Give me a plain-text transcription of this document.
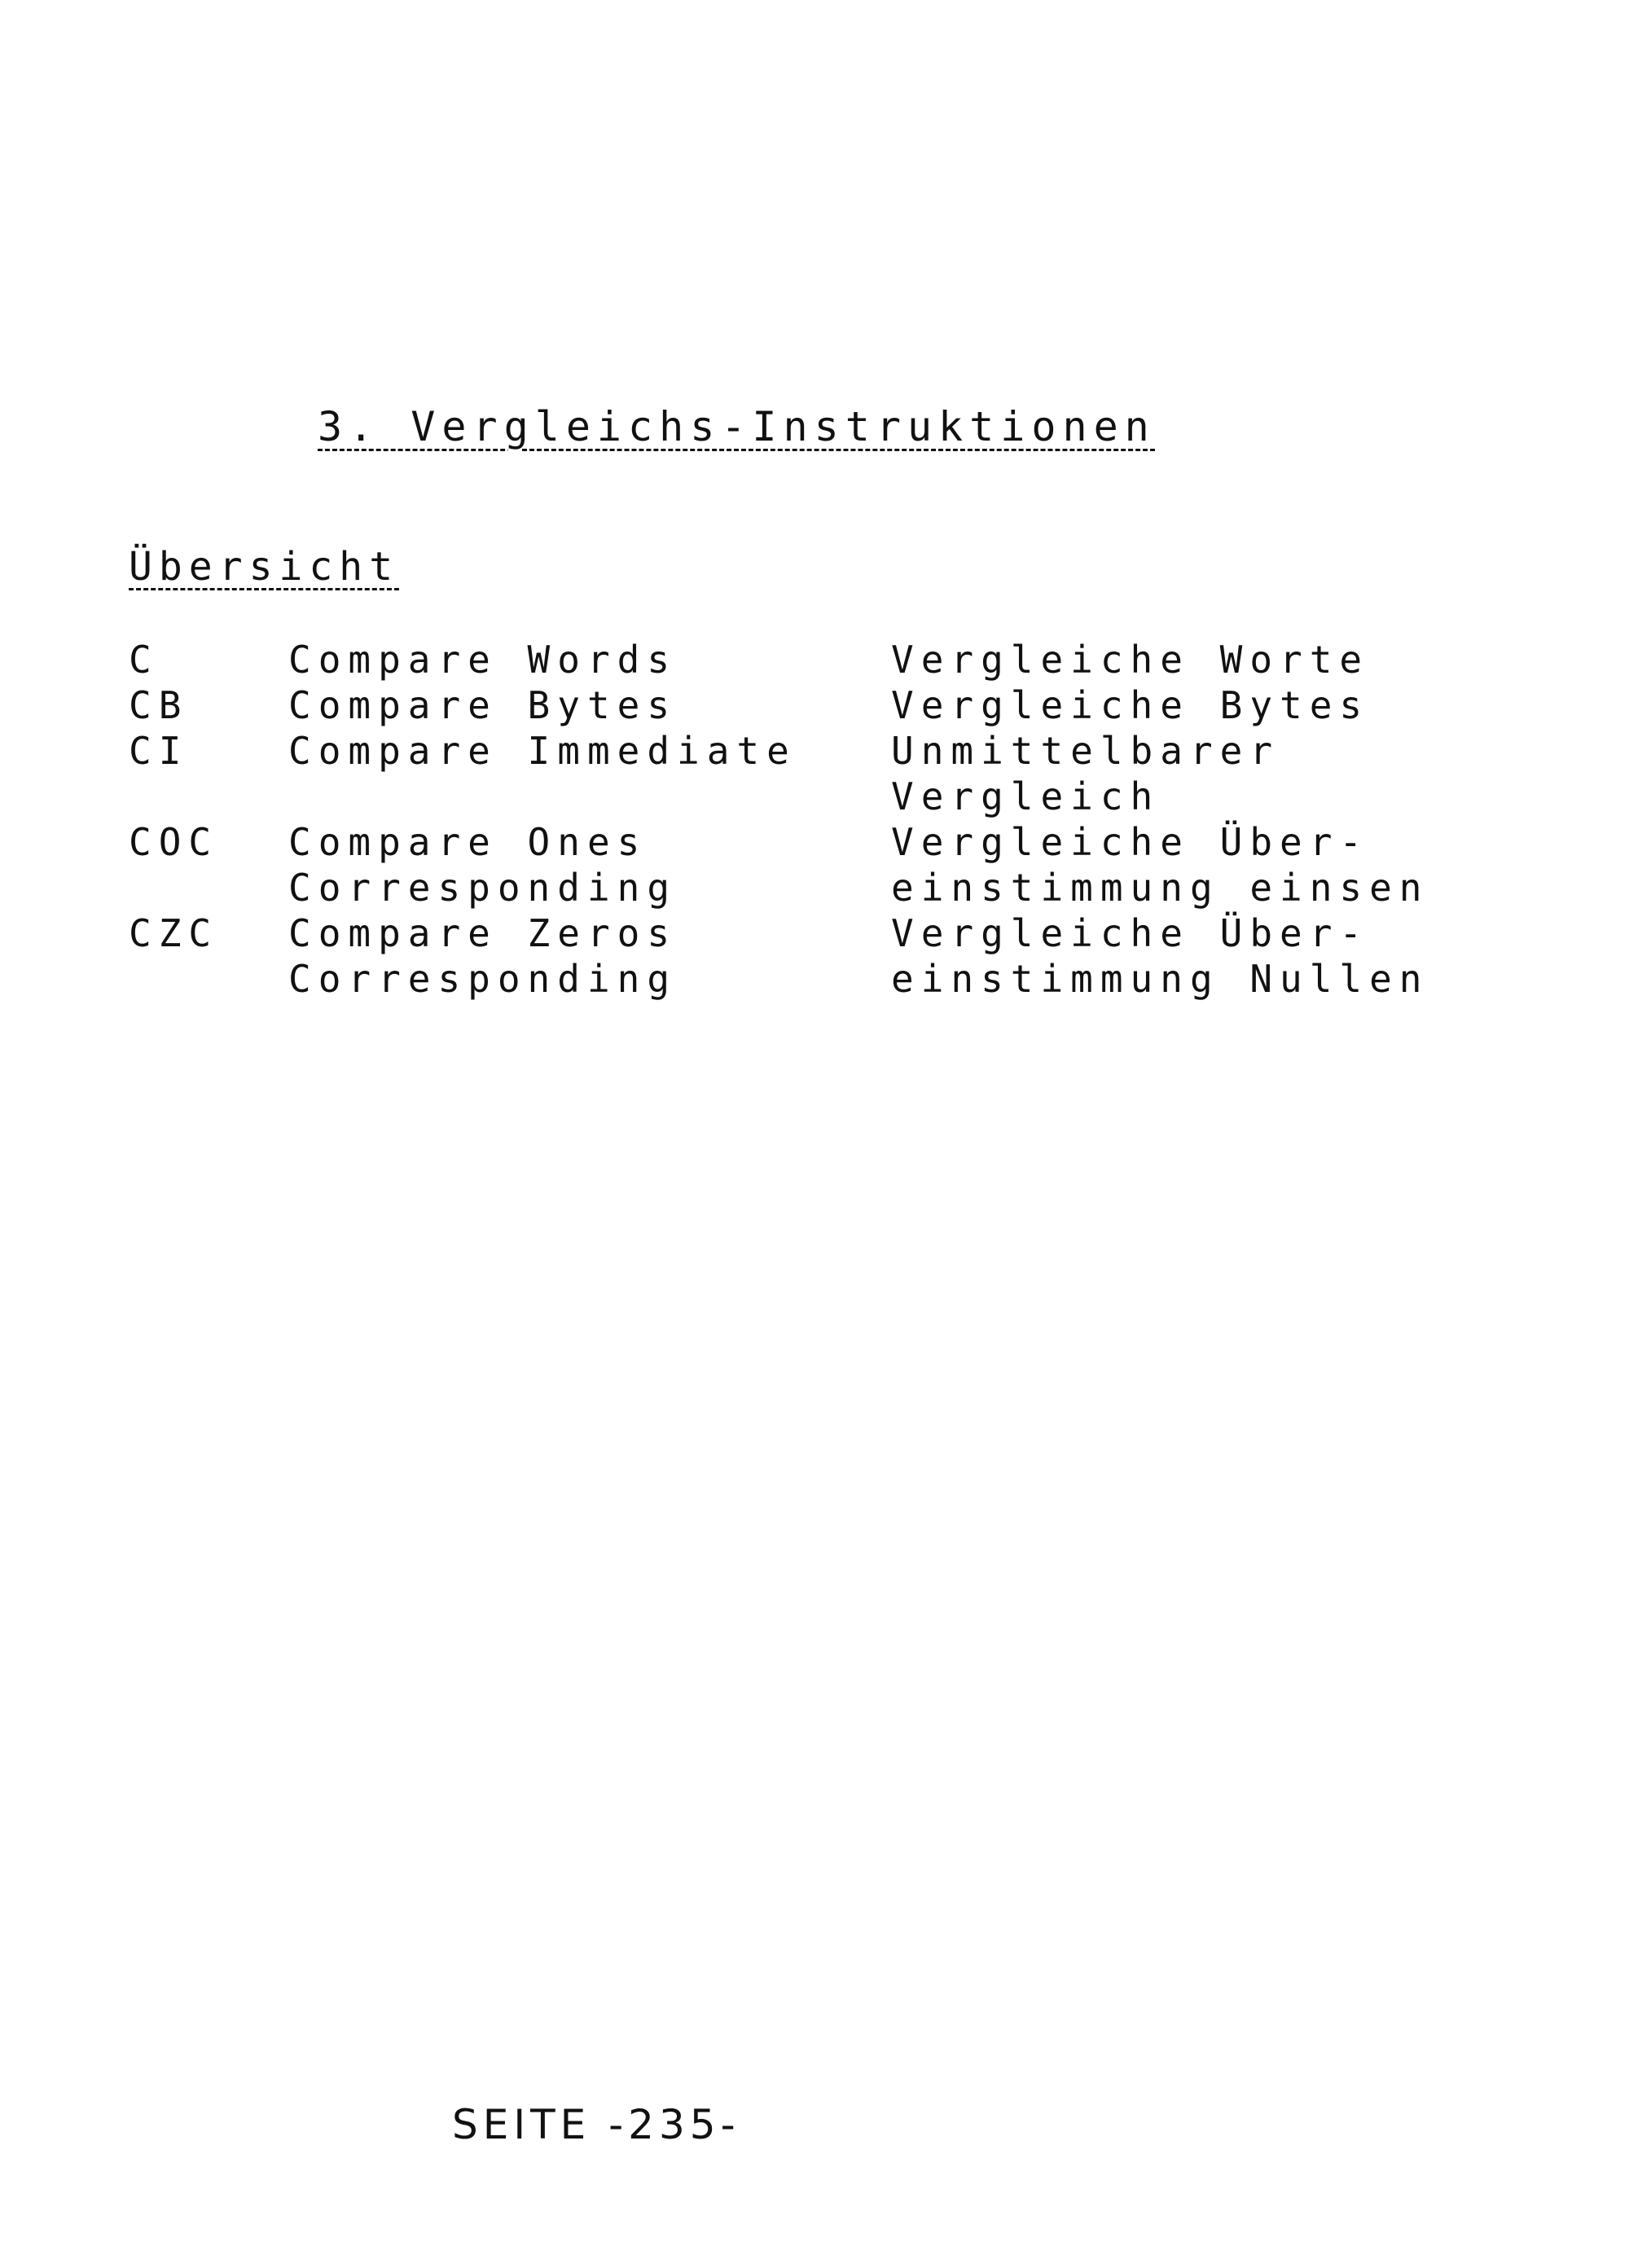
3. Vergleichs-Instruktionen
Übersicht
C	Compare Words	Vergleiche Worte
CB	Compare Bytes	Vergleiche Bytes
CI	Compare Immediate	Unmittelbarer
Vergleich
COC Compare Ones	Vergleiche Über-
Corresponding	einstimmung einsen
CZC Compare Zeros	Vergleiche Über-
Corresponding	einstimmung Nullen
SEITE -235-
